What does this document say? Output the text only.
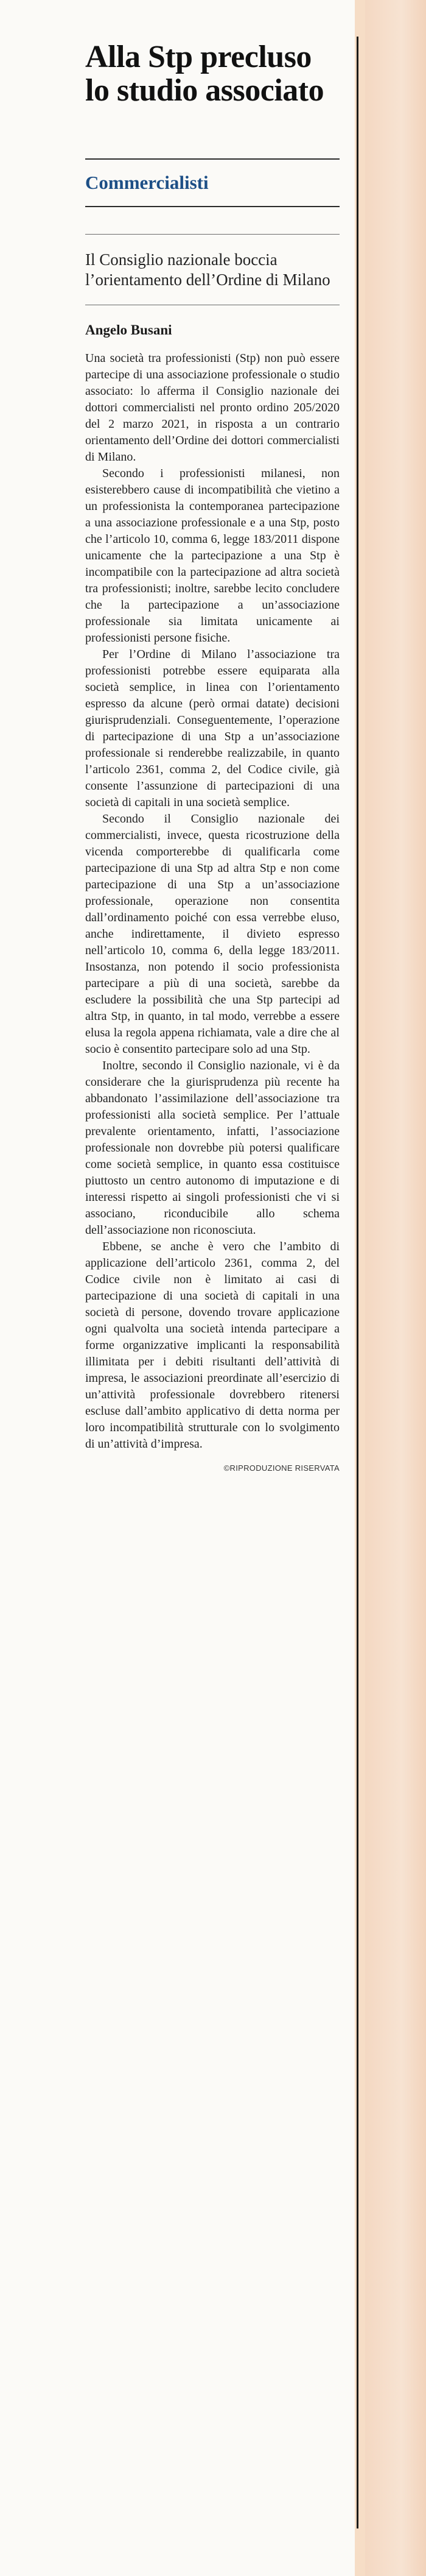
Alla Stp precluso lo studio associato
Commercialisti
Il Consiglio nazionale boccia l’orientamento dell’Ordine di Milano
Angelo Busani

Una società tra professionisti (Stp) non può essere partecipe di una associazione professionale o studio associato: lo afferma il Consiglio nazionale dei dottori commercialisti nel pronto ordino 205/2020 del 2 marzo 2021, in risposta a un contrario orientamento dell’Ordine dei dottori commercialisti di Milano.

Secondo i professionisti milanesi, non esisterebbero cause di incompatibilità che vietino a un professionista la contemporanea partecipazione a una associazione professionale e a una Stp, posto che l’articolo 10, comma 6, legge 183/2011 dispone unicamente che la partecipazione a una Stp è incompatibile con la partecipazione ad altra società tra professionisti; inoltre, sarebbe lecito concludere che la partecipazione a un’associazione professionale sia limitata unicamente ai professionisti persone fisiche.

Per l’Ordine di Milano l’associazione tra professionisti potrebbe essere equiparata alla società semplice, in linea con l’orientamento espresso da alcune (però ormai datate) decisioni giurisprudenziali. Conseguentemente, l’operazione di partecipazione di una Stp a un’associazione professionale si renderebbe realizzabile, in quanto l’articolo 2361, comma 2, del Codice civile, già consente l’assunzione di partecipazioni di una società di capitali in una società semplice.

Secondo il Consiglio nazionale dei commercialisti, invece, questa ricostruzione della vicenda comporterebbe di qualificarla come partecipazione di una Stp ad altra Stp e non come partecipazione di una Stp a un’associazione professionale, operazione non consentita dall’ordinamento poiché con essa verrebbe eluso, anche indirettamente, il divieto espresso nell’articolo 10, comma 6, della legge 183/2011. Insostanza, non potendo il socio professionista partecipare a più di una società, sarebbe da escludere la possibilità che una Stp partecipi ad altra Stp, in quanto, in tal modo, verrebbe a essere elusa la regola appena richiamata, vale a dire che al socio è consentito partecipare solo ad una Stp.

Inoltre, secondo il Consiglio nazionale, vi è da considerare che la giurisprudenza più recente ha abbandonato l’assimilazione dell’associazione tra professionisti alla società semplice. Per l’attuale prevalente orientamento, infatti, l’associazione professionale non dovrebbe più potersi qualificare come società semplice, in quanto essa costituisce piuttosto un centro autonomo di imputazione e di interessi rispetto ai singoli professionisti che vi si associano, riconducibile allo schema dell’associazione non riconosciuta.

Ebbene, se anche è vero che l’ambito di applicazione dell’articolo 2361, comma 2, del Codice civile non è limitato ai casi di partecipazione di una società di capitali in una società di persone, dovendo trovare applicazione ogni qualvolta una società intenda partecipare a forme organizzative implicanti la responsabilità illimitata per i debiti risultanti dell’attività di impresa, le associazioni preordinate all’esercizio di un’attività professionale dovrebbero ritenersi escluse dall’ambito applicativo di detta norma per loro incompatibilità strutturale con lo svolgimento di un’attività d’impresa.

©RIPRODUZIONE RISERVATA
